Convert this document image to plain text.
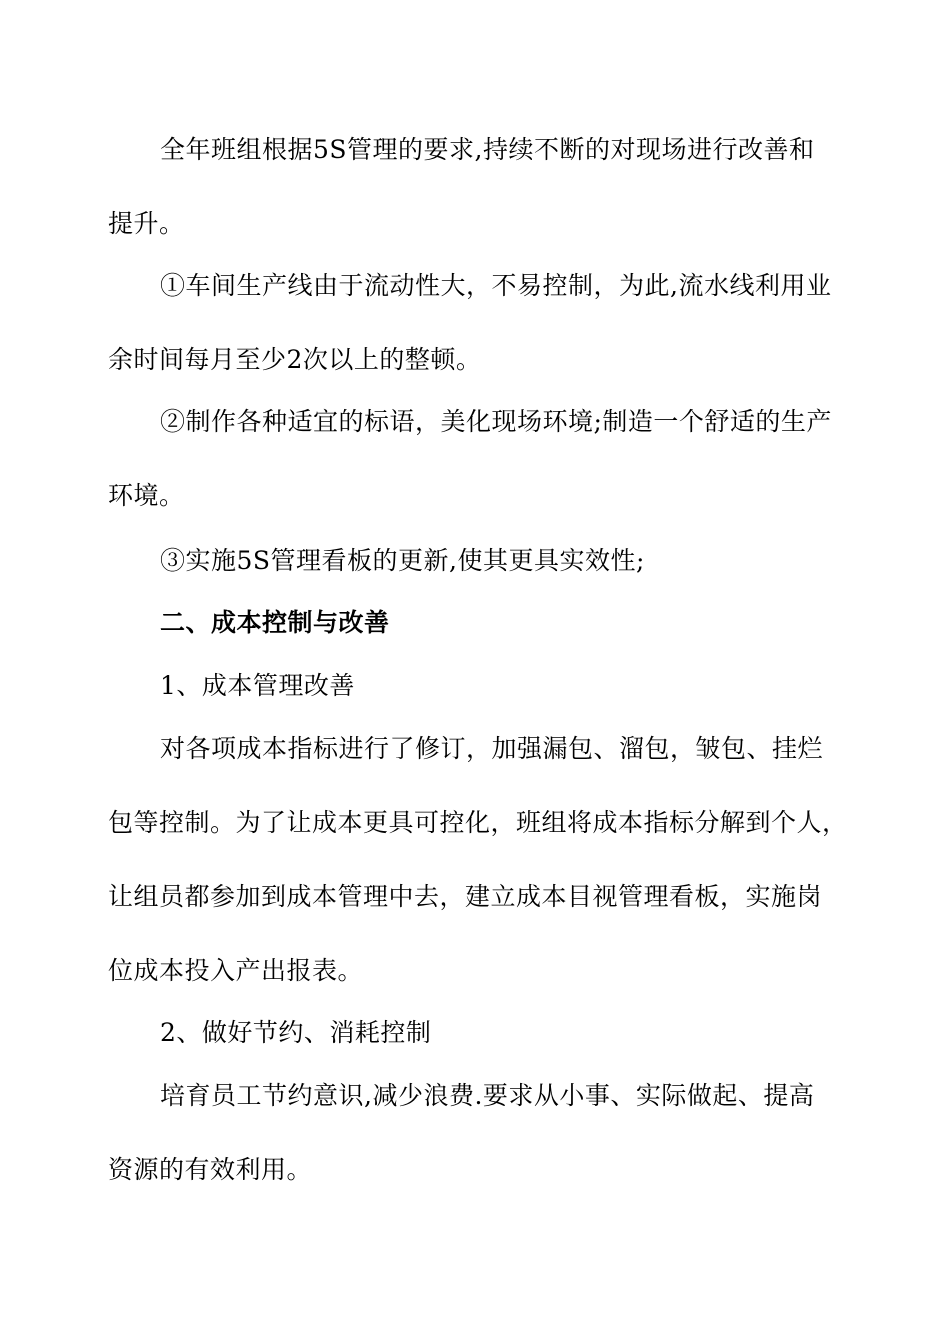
全年班组根据5S管理的要求,持续不断的对现场进行改善和
提升。
①车间生产线由于流动性大，不易控制，为此,流水线利用业
余时间每月至少2次以上的整顿。
②制作各种适宜的标语，美化现场环境;制造一个舒适的生产
环境。
③实施5S管理看板的更新,使其更具实效性;
二、成本控制与改善
1、成本管理改善
对各项成本指标进行了修订，加强漏包、溜包，皱包、挂烂
包等控制。为了让成本更具可控化，班组将成本指标分解到个人，
让组员都参加到成本管理中去，建立成本目视管理看板，实施岗
位成本投入产出报表。
2、做好节约、消耗控制
培育员工节约意识,减少浪费.要求从小事、实际做起、提高
资源的有效利用。
